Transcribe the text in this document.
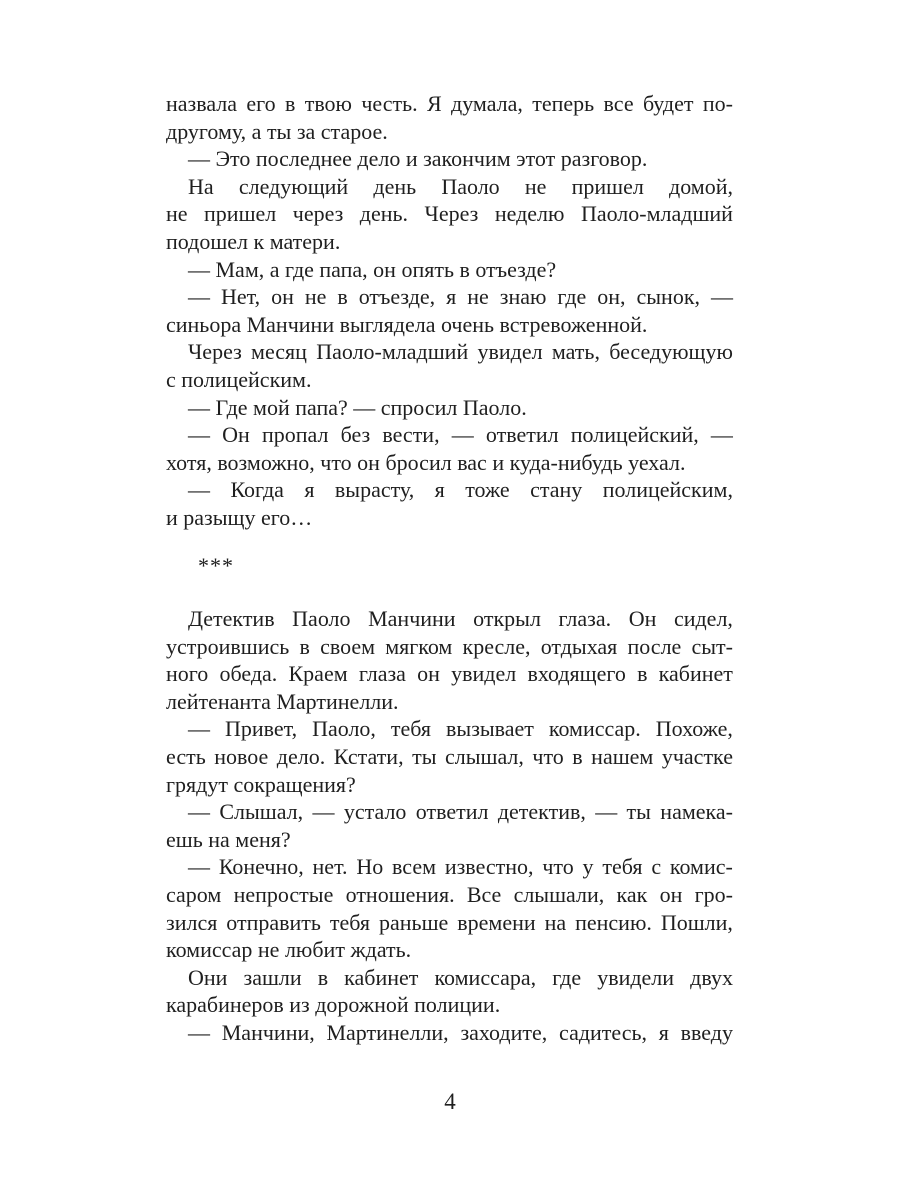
назвала его в твою честь. Я думала, теперь все будет по-
другому, а ты за старое.
— Это последнее дело и закончим этот разговор.
На следующий день Паоло не пришел домой,
не пришел через день. Через неделю Паоло-младший
подошел к матери.
— Мам, а где папа, он опять в отъезде?
— Нет, он не в отъезде, я не знаю где он, сынок, —
синьора Манчини выглядела очень встревоженной.
Через месяц Паоло-младший увидел мать, беседующую
с полицейским.
— Где мой папа? — спросил Паоло.
— Он пропал без вести, — ответил полицейский, —
хотя, возможно, что он бросил вас и куда-нибудь уехал.
— Когда я вырасту, я тоже стану полицейским,
и разыщу его…
***
Детектив Паоло Манчини открыл глаза. Он сидел,
устроившись в своем мягком кресле, отдыхая после сыт-
ного обеда. Краем глаза он увидел входящего в кабинет
лейтенанта Мартинелли.
— Привет, Паоло, тебя вызывает комиссар. Похоже,
есть новое дело. Кстати, ты слышал, что в нашем участке
грядут сокращения?
— Слышал, — устало ответил детектив, — ты намека-
ешь на меня?
— Конечно, нет. Но всем известно, что у тебя с комис-
саром непростые отношения. Все слышали, как он гро-
зился отправить тебя раньше времени на пенсию. Пошли,
комиссар не любит ждать.
Они зашли в кабинет комиссара, где увидели двух
карабинеров из дорожной полиции.
— Манчини, Мартинелли, заходите, садитесь, я введу
4
